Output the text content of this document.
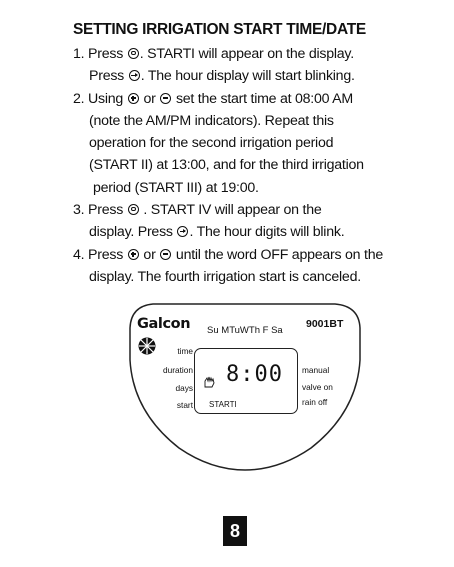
SETTING IRRIGATION START TIME/DATE
1. Press . STARTI will appear on the display.
Press . The hour display will start blinking.
2. Using  or  set the start time at 08:00 AM
(note the AM/PM indicators). Repeat this
operation for the second irrigation period
(START II) at 13:00, and for the third irrigation
period (START III) at 19:00.
3. Press  . START IV will appear on the
display. Press . The hour digits will blink.
4. Press  or  until the word OFF appears on the
display. The fourth irrigation start is canceled.
Galcon	9001BT
Su MTuWTh F Sa
time
duration
days
start
manual
valve on
rain off
8:00
STARTI
8
